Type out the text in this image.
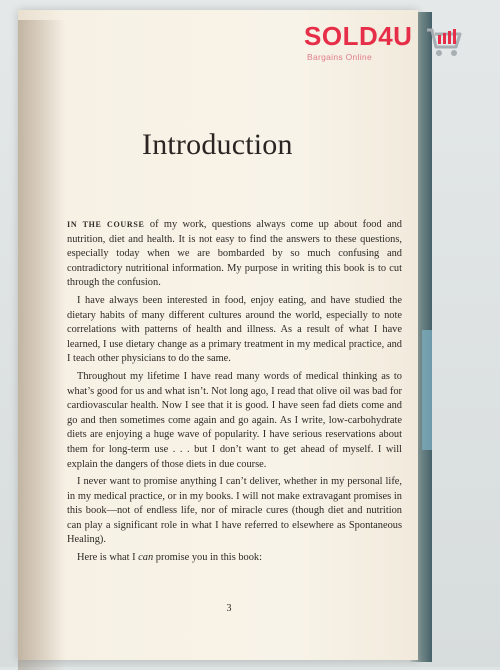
SOLD4U
Bargains Online
Introduction

IN THE COURSE of my work, questions always come up about food and nutrition, diet and health. It is not easy to find the answers to these questions, especially today when we are bombarded by so much confusing and contradictory nutritional information. My purpose in writing this book is to cut through the confusion.

I have always been interested in food, enjoy eating, and have studied the dietary habits of many different cultures around the world, especially to note correlations with patterns of health and illness. As a result of what I have learned, I use dietary change as a primary treatment in my medical practice, and I teach other physicians to do the same.

Throughout my lifetime I have read many words of medical thinking as to what’s good for us and what isn’t. Not long ago, I read that olive oil was bad for cardiovascular health. Now I see that it is good. I have seen fad diets come and go and then sometimes come again and go again. As I write, low-carbohydrate diets are enjoying a huge wave of popularity. I have serious reservations about them for long-term use . . . but I don’t want to get ahead of myself. I will explain the dangers of those diets in due course.

I never want to promise anything I can’t deliver, whether in my personal life, in my medical practice, or in my books. I will not make extravagant promises in this book—not of endless life, nor of miracle cures (though diet and nutrition can play a significant role in what I have referred to elsewhere as Spontaneous Healing).

Here is what I can promise you in this book:

3
